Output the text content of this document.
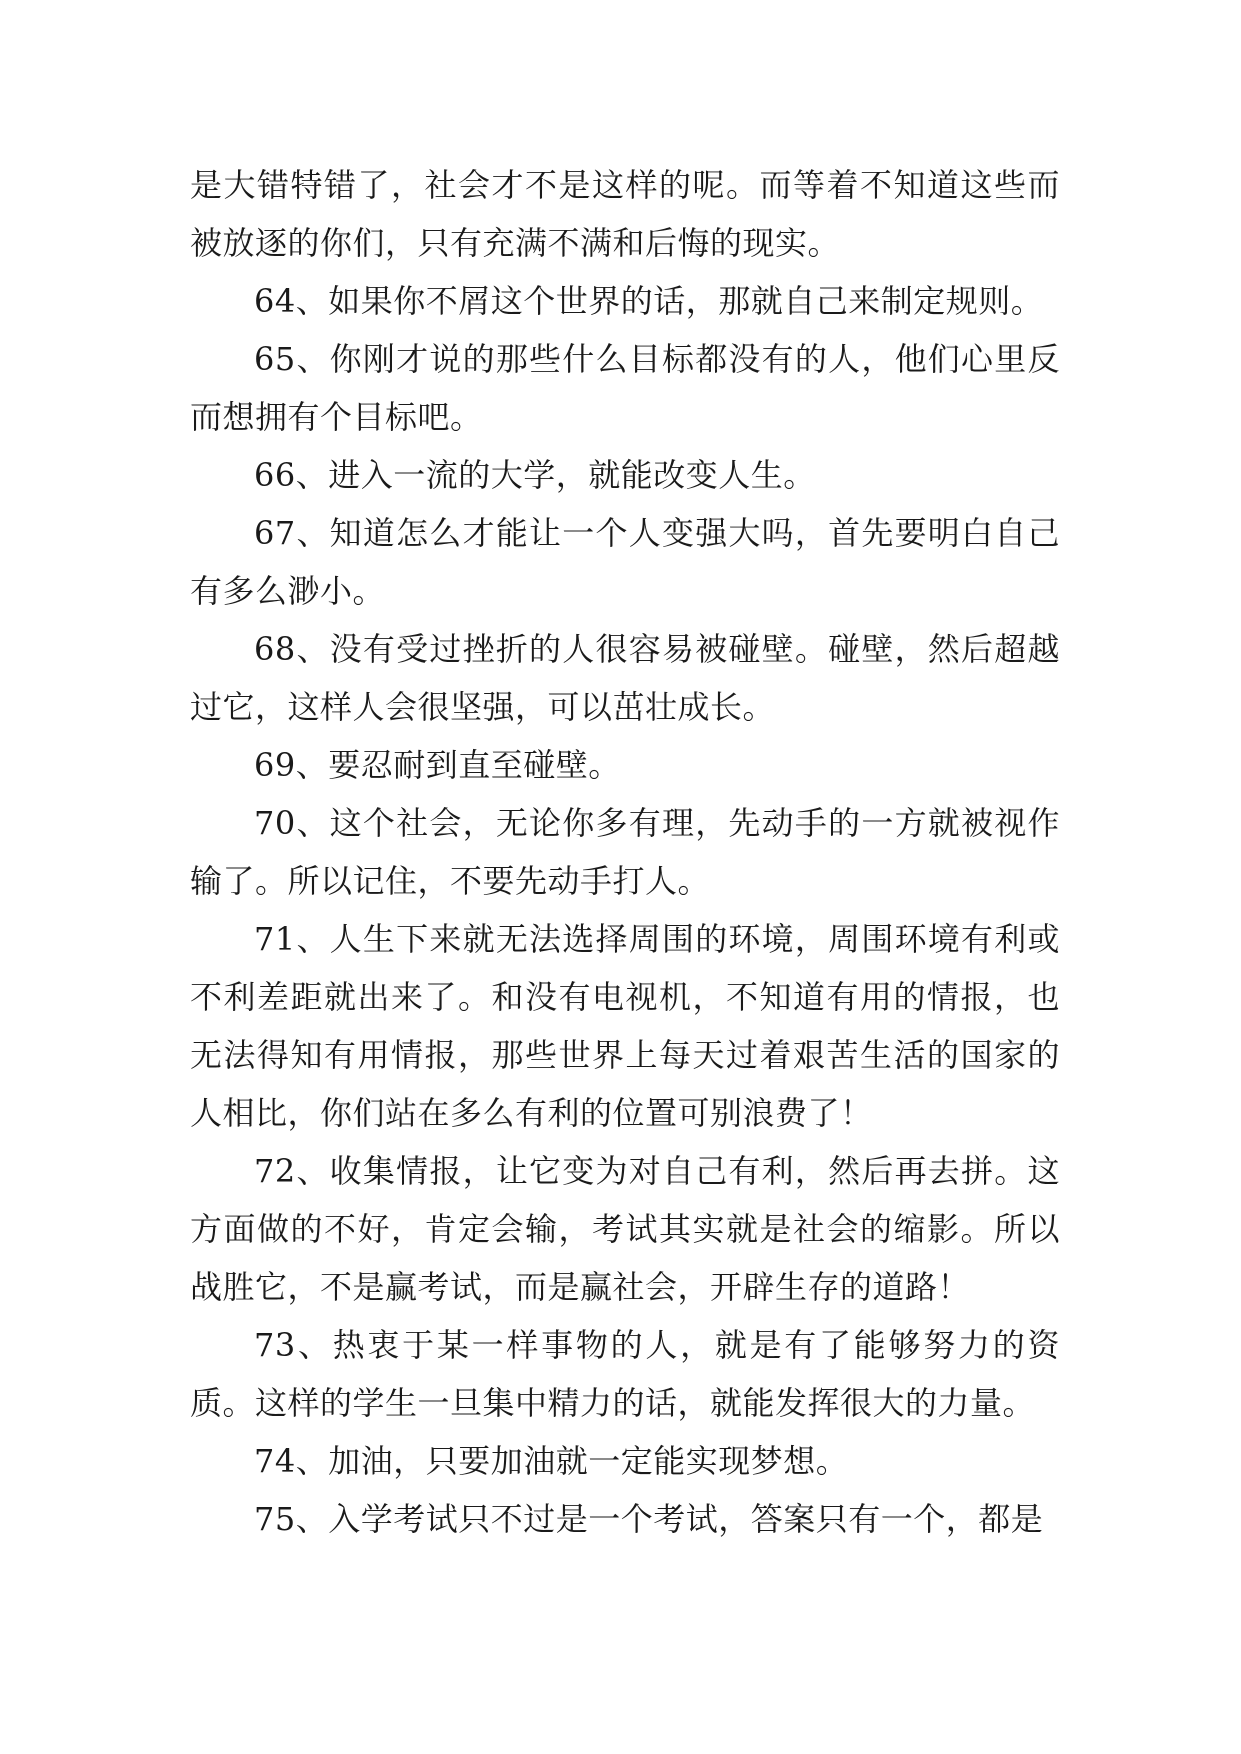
是大错特错了，社会才不是这样的呢。而等着不知道这些而被放逐的你们，只有充满不满和后悔的现实。

64、如果你不屑这个世界的话，那就自己来制定规则。

65、你刚才说的那些什么目标都没有的人，他们心里反而想拥有个目标吧。

66、进入一流的大学，就能改变人生。

67、知道怎么才能让一个人变强大吗，首先要明白自己有多么渺小。

68、没有受过挫折的人很容易被碰壁。碰壁，然后超越过它，这样人会很坚强，可以茁壮成长。

69、要忍耐到直至碰壁。

70、这个社会，无论你多有理，先动手的一方就被视作输了。所以记住，不要先动手打人。

71、人生下来就无法选择周围的环境，周围环境有利或不利差距就出来了。和没有电视机，不知道有用的情报，也无法得知有用情报，那些世界上每天过着艰苦生活的国家的人相比，你们站在多么有利的位置可别浪费了！

72、收集情报，让它变为对自己有利，然后再去拼。这方面做的不好，肯定会输，考试其实就是社会的缩影。所以战胜它，不是赢考试，而是赢社会，开辟生存的道路！

73、热衷于某一样事物的人，就是有了能够努力的资质。这样的学生一旦集中精力的话，就能发挥很大的力量。

74、加油，只要加油就一定能实现梦想。

75、入学考试只不过是一个考试，答案只有一个，都是
